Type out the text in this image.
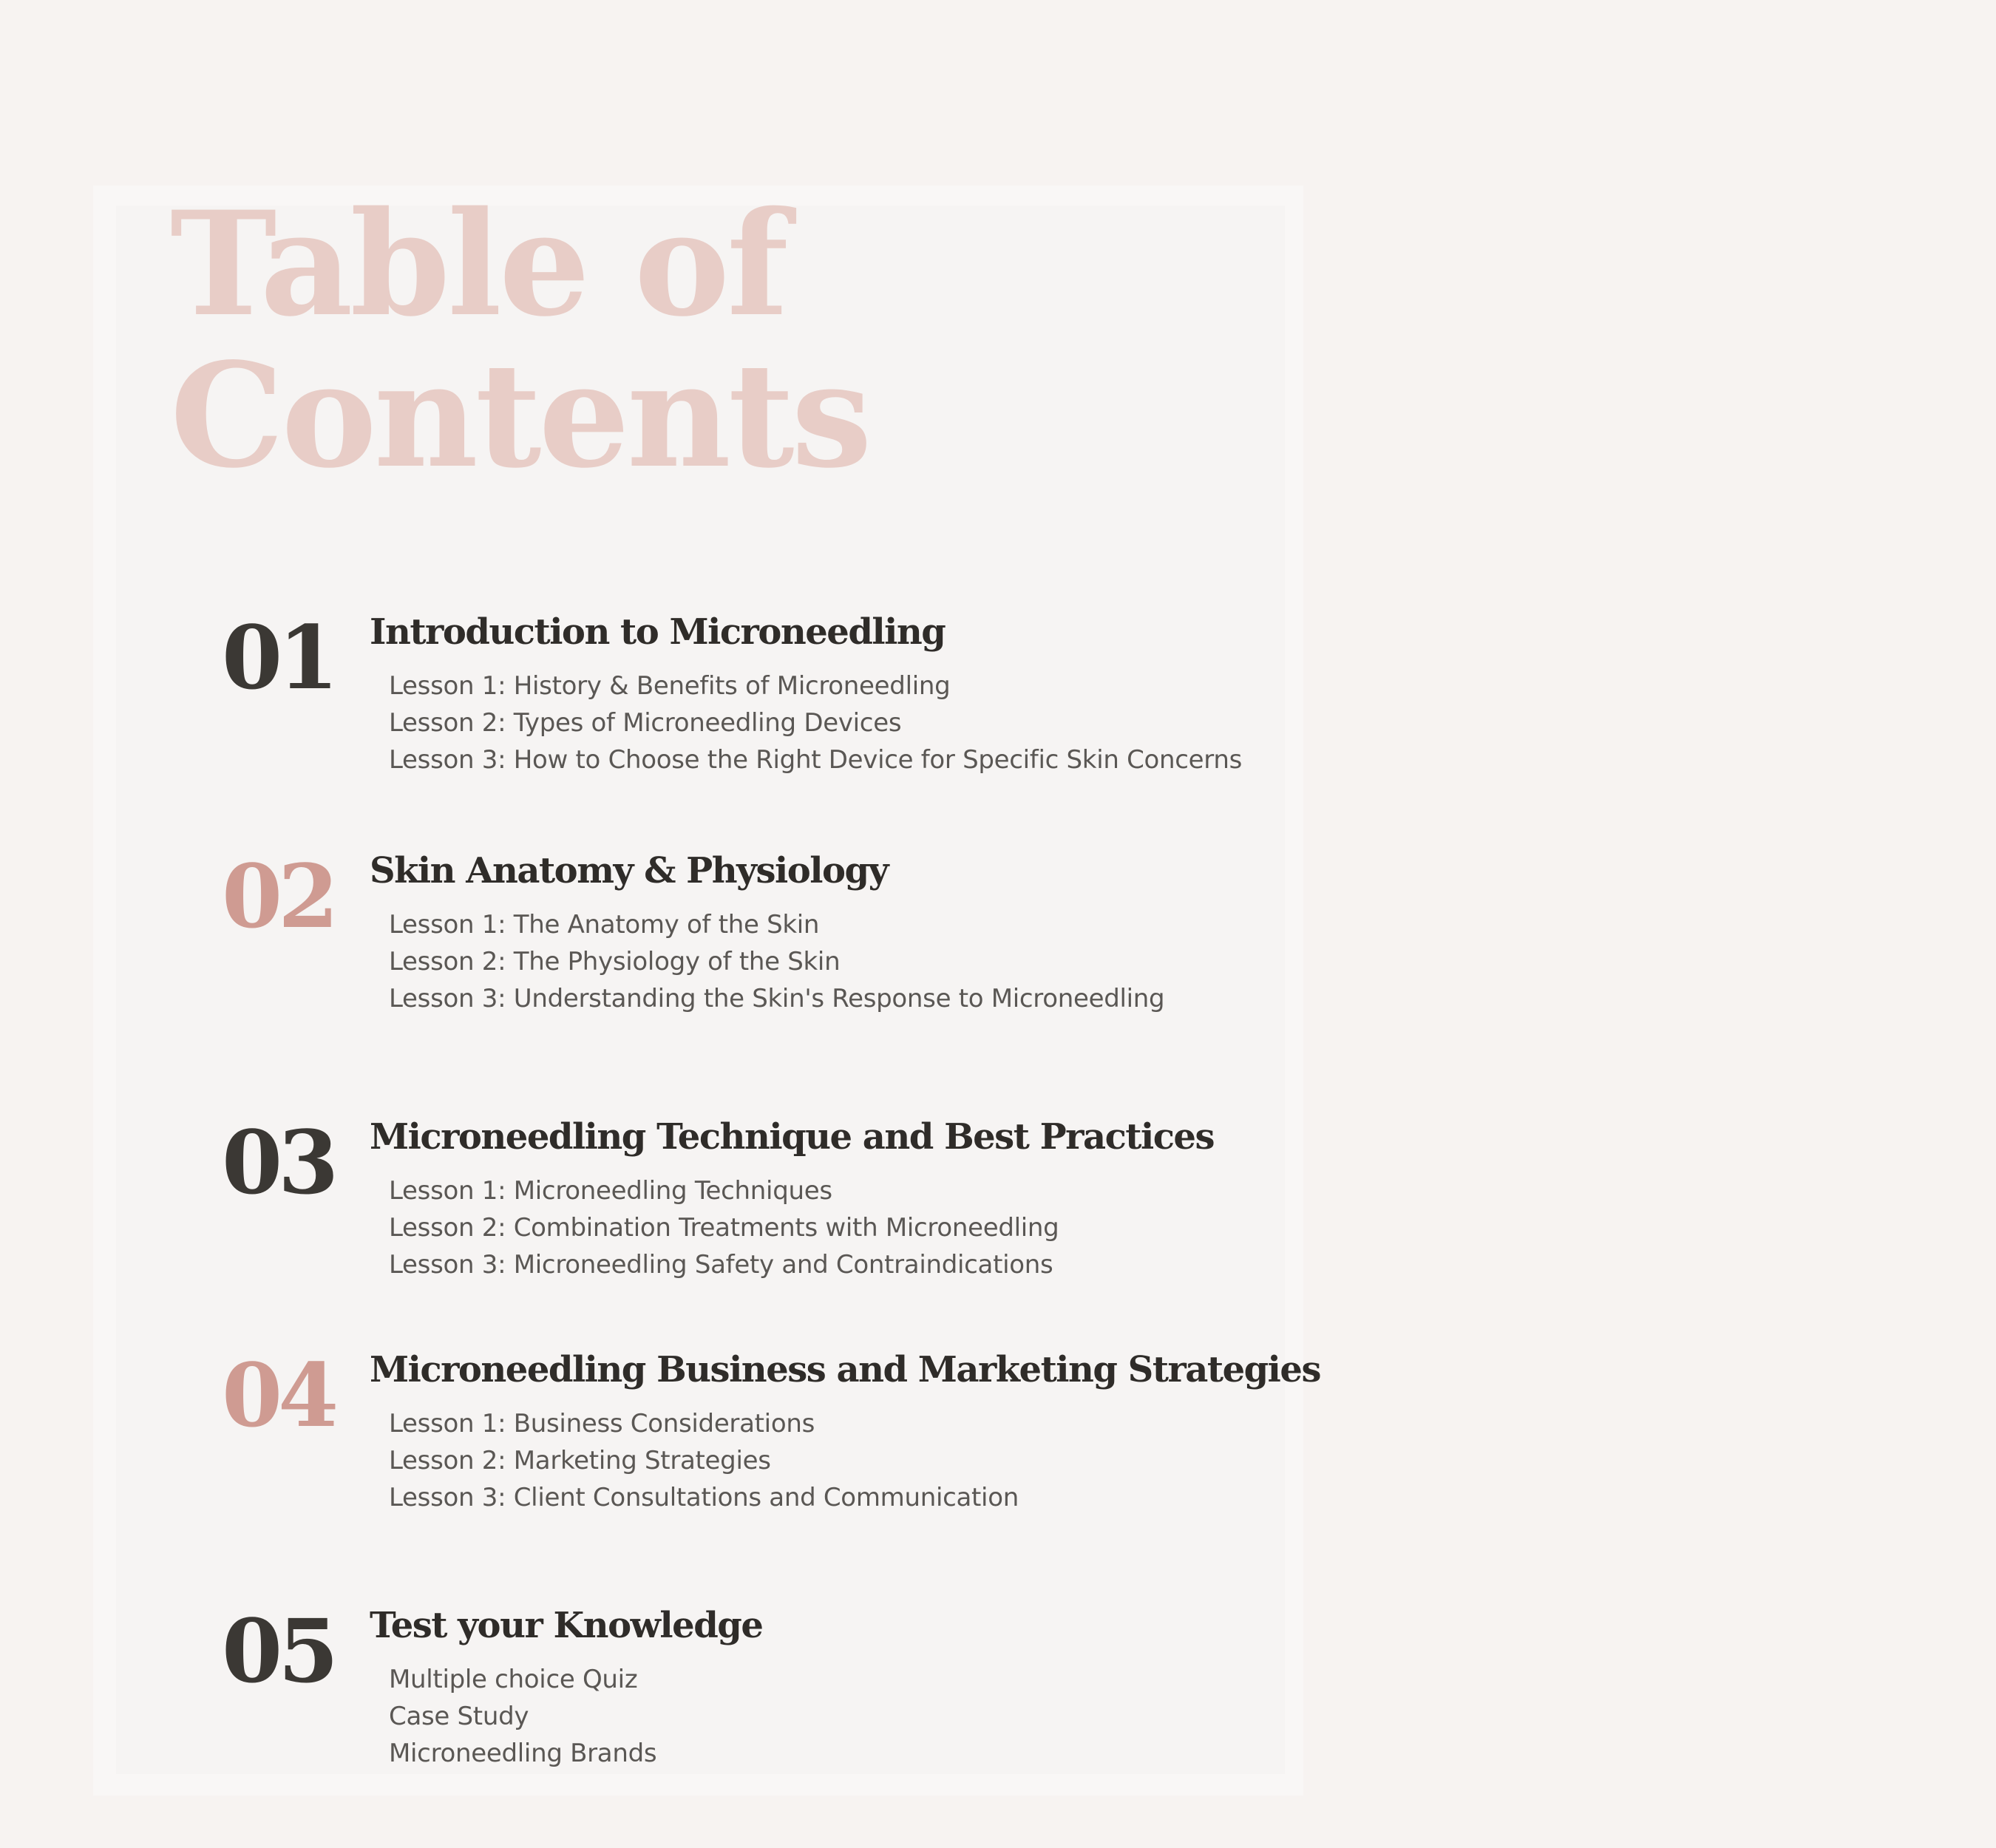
Table of
Contents
01 Introduction to Microneedling
Lesson 1: History & Benefits of Microneedling
Lesson 2: Types of Microneedling Devices
Lesson 3: How to Choose the Right Device for Specific Skin Concerns
02 Skin Anatomy & Physiology
Lesson 1: The Anatomy of the Skin
Lesson 2: The Physiology of the Skin
Lesson 3: Understanding the Skin's Response to Microneedling
03 Microneedling Technique and Best Practices
Lesson 1: Microneedling Techniques
Lesson 2: Combination Treatments with Microneedling
Lesson 3: Microneedling Safety and Contraindications
04 Microneedling Business and Marketing Strategies
Lesson 1: Business Considerations
Lesson 2: Marketing Strategies
Lesson 3: Client Consultations and Communication
05 Test your Knowledge
Multiple choice Quiz
Case Study
Microneedling Brands
